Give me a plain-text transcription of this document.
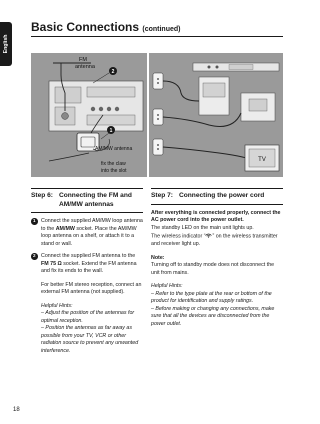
English
Basic Connections (continued)
FM
antenna
2
1
AM/MW antenna
fix the claw
into the slot
TV
Step 6: Connecting the FM and AM/MW antennas
1	Connect the supplied AM/MW loop antenna to the AM/MW socket. Place the AM/MW loop antenna on a shelf, or attach it to a stand or wall.
2	Connect the supplied FM antenna to the FM 75 Ω socket. Extend the FM antenna and fix its ends to the wall.

For better FM stereo reception, connect an external FM antenna (not supplied).

Helpful Hints:

– Adjust the position of the antennas for optimal reception.

– Position the antennas as far away as possible from your TV, VCR or other radiation source to prevent any unwanted interference.

Step 7: Connecting the power cord

After everything is connected properly, connect the AC power cord into the power outlet.

The standby LED on the main unit lights up.

The wireless indicator “ ” on the wireless transmitter and receiver light up.

Note:

Turning off to standby mode does not disconnect the unit from mains.

Helpful Hints:

– Refer to the type plate at the rear or bottom of the product for identification and supply ratings.

– Before making or changing any connections, make sure that all the devices are disconnected from the power outlet.

18
